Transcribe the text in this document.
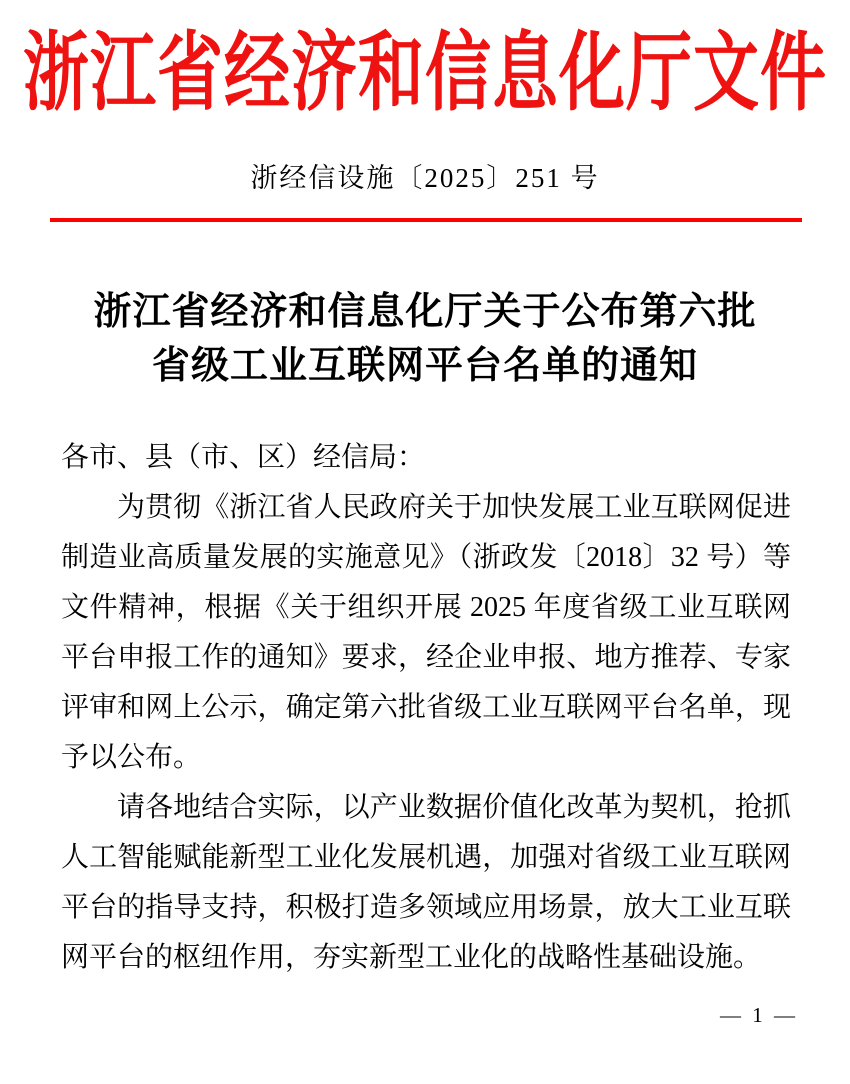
浙江省经济和信息化厅文件
浙经信设施〔2025〕251 号
浙江省经济和信息化厅关于公布第六批
省级工业互联网平台名单的通知

各市、县（市、区）经信局：

为贯彻《浙江省人民政府关于加快发展工业互联网促进制造业高质量发展的实施意见》（浙政发〔2018〕32 号）等文件精神，根据《关于组织开展 2025 年度省级工业互联网平台申报工作的通知》要求，经企业申报、地方推荐、专家评审和网上公示，确定第六批省级工业互联网平台名单，现予以公布。

请各地结合实际，以产业数据价值化改革为契机，抢抓人工智能赋能新型工业化发展机遇，加强对省级工业互联网平台的指导支持，积极打造多领域应用场景，放大工业互联网平台的枢纽作用，夯实新型工业化的战略性基础设施。

— 1 —
